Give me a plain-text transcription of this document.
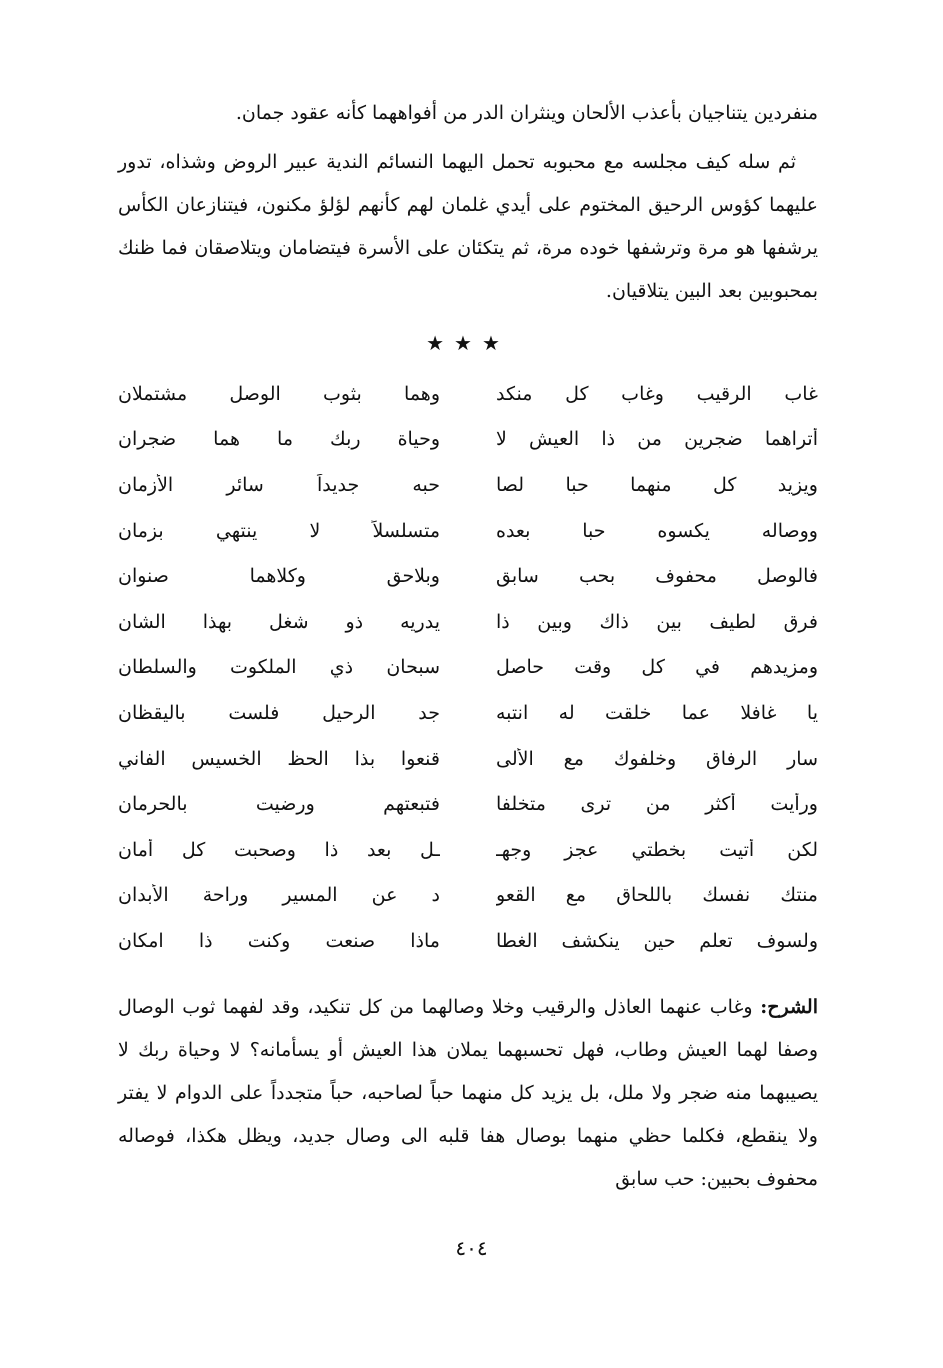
منفردين يتناجيان بأعذب الألحان وينثران الدر من أفواههما كأنه عقود جمان.

ثم سله كيف مجلسه مع محبوبه تحمل اليهما النسائم الندية عبير الروض وشذاه، تدور عليهما كؤوس الرحيق المختوم على أيدي غلمان لهم كأنهم لؤلؤ مكنون، فيتنازعان الكأس يرشفها هو مرة وترشفها خوده مرة، ثم يتكئان على الأسرة فيتضامان ويتلاصقان فما ظنك بمحبوبين بعد البين يتلاقيان.

★★★
غاب الرقيب وغاب كل منكد
وهما بثوب الوصل مشتملان
أتراهما ضجرين من ذا العيش لا
وحياة ربك ما هما ضجران
ويزيد كل منهما حبا لصا
حبه جديداً سائر الأزمان
ووصاله يكسوه حبا بعده
متسلسلاً لا ينتهي بزمان
فالوصل محفوف بحب سابق
وبلاحق وكلاهما صنوان
فرق لطيف بين ذاك وبين ذا
يدريه ذو شغل بهذا الشان
ومزيدهم في كل وقت حاصل
سبحان ذي الملكوت والسلطان
يا غافلا عما خلقت له انتبه
جد الرحيل فلست باليقظان
سار الرفاق وخلفوك مع الألى
قنعوا بذا الحظ الخسيس الفاني
ورأيت أكثر من ترى متخلفا
فتبعتهم ورضيت بالحرمان
لكن أتيت بخطتي عجز وجهـ
ـل بعد ذا وصحبت كل أمان
منتك نفسك باللحاق مع القعو
د عن المسير وراحة الأبدان
ولسوف تعلم حين ينكشف الغطا
ماذا صنعت وكنت ذا امكان

الشرح: وغاب عنهما العاذل والرقيب وخلا وصالهما من كل تنكيد، وقد لفهما ثوب الوصال وصفا لهما العيش وطاب، فهل تحسبهما يملان هذا العيش أو يسأمانه؟ لا وحياة ربك لا يصيبهما منه ضجر ولا ملل، بل يزيد كل منهما حباً لصاحبه، حباً متجدداً على الدوام لا يفتر ولا ينقطع، فكلما حظي منهما بوصال هفا قلبه الى وصال جديد، ويظل هكذا، فوصاله محفوف بحبين: حب سابق

٤٠٤
